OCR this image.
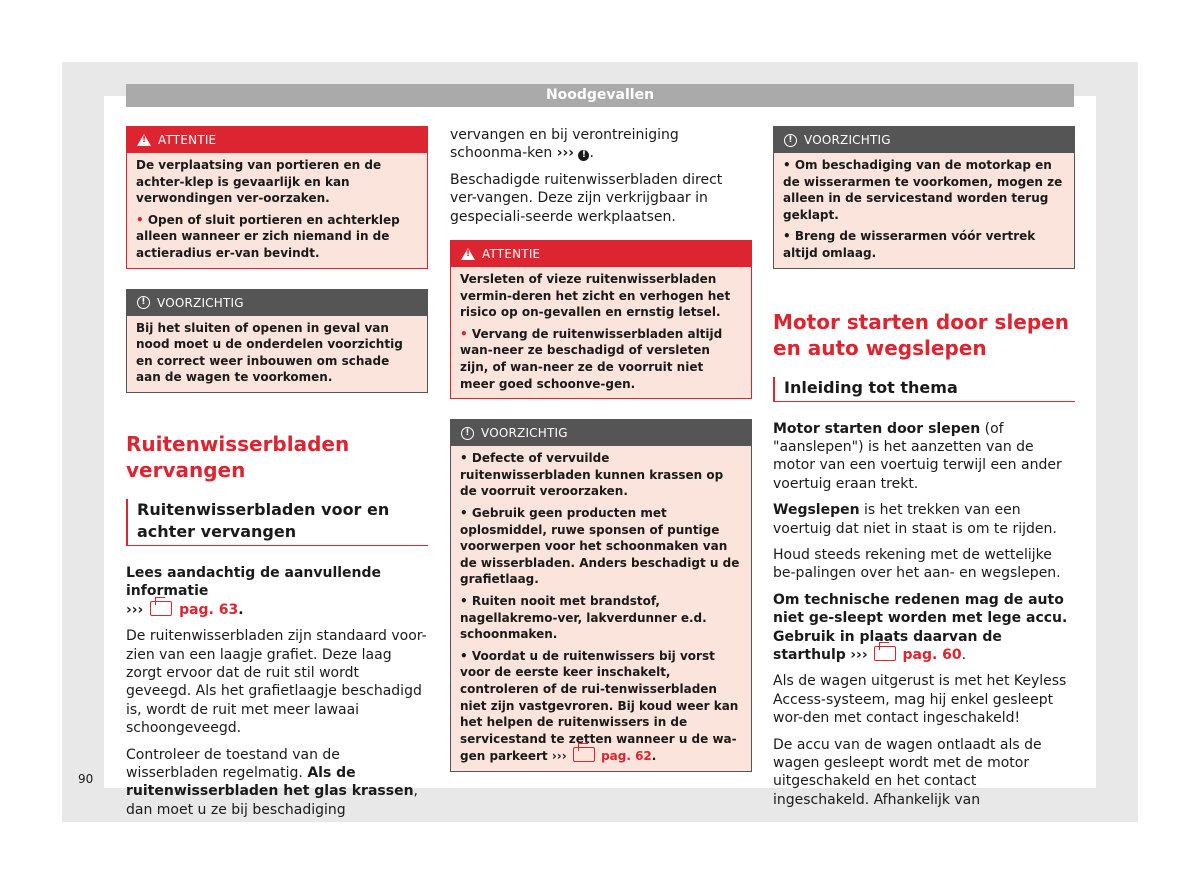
Noodgevallen
!
ATTENTIE

De verplaatsing van portieren en de achter-klep is gevaarlijk en kan verwondingen ver-oorzaken.

• Open of sluit portieren en achterklep alleen wanneer er zich niemand in de actieradius er-van bevindt.

! VOORZICHTIG

Bij het sluiten of openen in geval van nood moet u de onderdelen voorzichtig en correct weer inbouwen om schade aan de wagen te voorkomen.

Ruitenwisserbladen vervangen
Ruitenwisserbladen voor en achter vervangen

Lees aandachtig de aanvullende informatie
›››	pag. 63.

De ruitenwisserbladen zijn standaard voor-zien van een laagje grafiet. Deze laag zorgt ervoor dat de ruit stil wordt geveegd. Als het grafietlaagje beschadigd is, wordt de ruit met meer lawaai schoongeveegd.

Controleer de toestand van de wisserbladen regelmatig. Als de ruitenwisserbladen het glas krassen, dan moet u ze bij beschadiging

vervangen en bij verontreiniging schoonma-ken ››› ! .

Beschadigde ruitenwisserbladen direct ver-vangen. Deze zijn verkrijgbaar in gespeciali-seerde werkplaatsen.

!
ATTENTIE

Versleten of vieze ruitenwisserbladen vermin-deren het zicht en verhogen het risico op on-gevallen en ernstig letsel.

• Vervang de ruitenwisserbladen altijd wan-neer ze beschadigd of versleten zijn, of wan-neer ze de voorruit niet meer goed schoonve-gen.

! VOORZICHTIG

• Defecte of vervuilde ruitenwisserbladen kunnen krassen op de voorruit veroorzaken.

• Gebruik geen producten met oplosmiddel, ruwe sponsen of puntige voorwerpen voor het schoonmaken van de wisserbladen. Anders beschadigt u de grafietlaag.

• Ruiten nooit met brandstof, nagellakremo-ver, lakverdunner e.d. schoonmaken.

• Voordat u de ruitenwissers bij vorst voor de eerste keer inschakelt, controleren of de rui-tenwisserbladen niet zijn vastgevroren. Bij koud weer kan het helpen de ruitenwissers in de servicestand te zetten wanneer u de wa-gen parkeert ›››	pag. 62.

! VOORZICHTIG

• Om beschadiging van de motorkap en de wisserarmen te voorkomen, mogen ze alleen in de servicestand worden terug geklapt.

• Breng de wisserarmen vóór vertrek altijd omlaag.

Motor starten door slepen en auto wegslepen
Inleiding tot thema

Motor starten door slepen (of "aanslepen") is het aanzetten van de motor van een voertuig terwijl een ander voertuig eraan trekt.

Wegslepen is het trekken van een voertuig dat niet in staat is om te rijden.

Houd steeds rekening met de wettelijke be-palingen over het aan- en wegslepen.

Om technische redenen mag de auto niet ge-sleept worden met lege accu. Gebruik in plaats daarvan de starthulp ››› pag. 60.

Als de wagen uitgerust is met het Keyless Access-systeem, mag hij enkel gesleept wor-den met contact ingeschakeld!

De accu van de wagen ontlaadt als de wagen gesleept wordt met de motor uitgeschakeld en het contact ingeschakeld. Afhankelijk van

90
